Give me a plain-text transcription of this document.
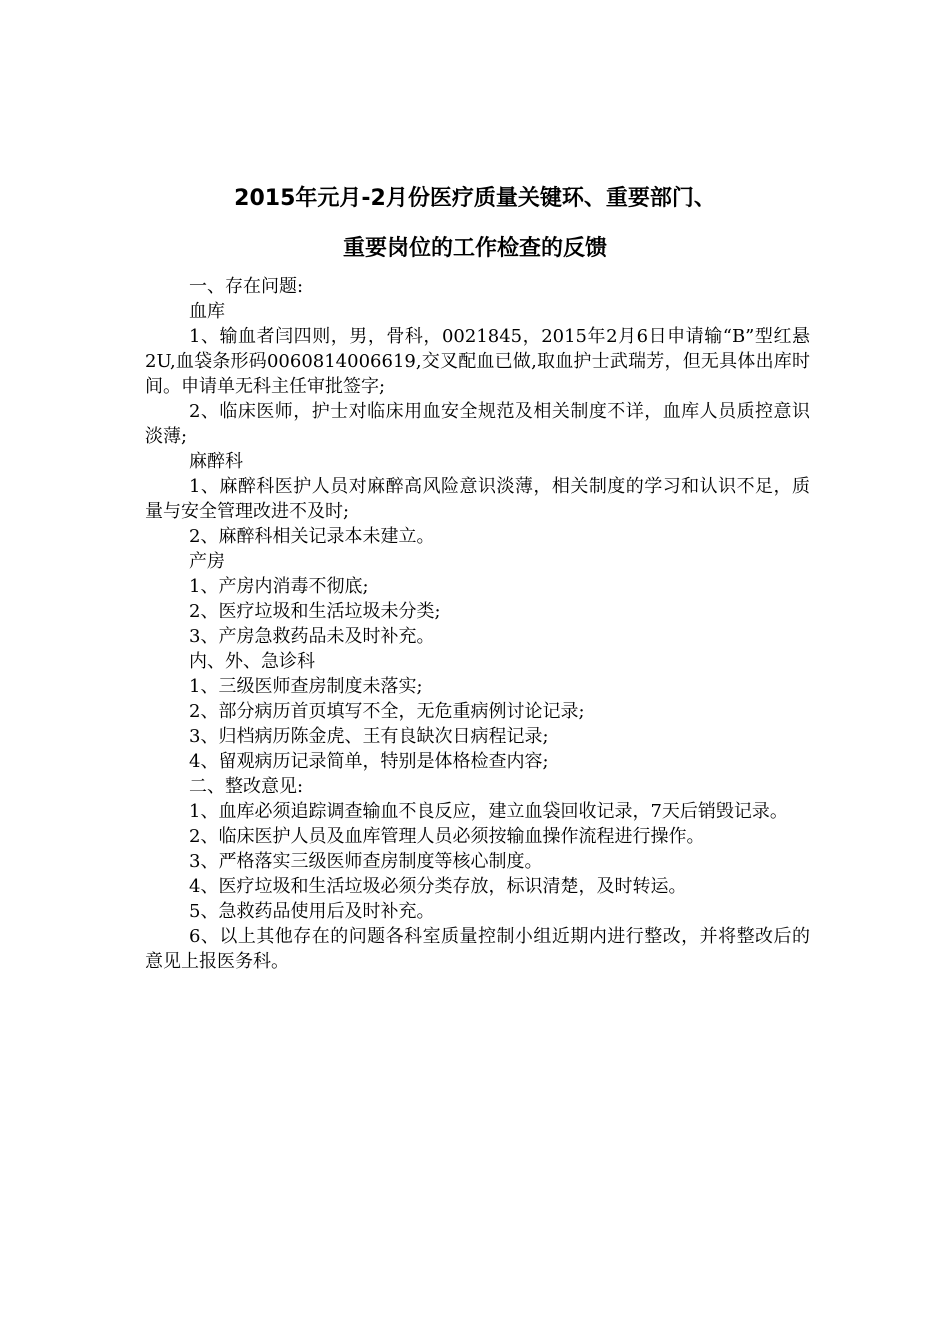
2015年元月-2月份医疗质量关键环、重要部门、
重要岗位的工作检查的反馈

一、存在问题:

血库

1、输血者闫四则，男，骨科，0021845，2015年2月6日申请输“B”型红悬 2U,血袋条形码0060814006619,交叉配血已做,取血护士武瑞芳，但无具体出库时间。申请单无科主任审批签字;

2、临床医师，护士对临床用血安全规范及相关制度不详，血库人员质控意识淡薄;

麻醉科

1、麻醉科医护人员对麻醉高风险意识淡薄，相关制度的学习和认识不足，质量与安全管理改进不及时;

2、麻醉科相关记录本未建立。

产房

1、产房内消毒不彻底;

2、医疗垃圾和生活垃圾未分类;

3、产房急救药品未及时补充。

内、外、急诊科

1、三级医师查房制度未落实;

2、部分病历首页填写不全，无危重病例讨论记录;

3、归档病历陈金虎、王有良缺次日病程记录;

4、留观病历记录简单，特别是体格检查内容;

二、整改意见:

1、血库必须追踪调查输血不良反应，建立血袋回收记录，7天后销毁记录。

2、临床医护人员及血库管理人员必须按输血操作流程进行操作。

3、严格落实三级医师查房制度等核心制度。

4、医疗垃圾和生活垃圾必须分类存放，标识清楚，及时转运。

5、急救药品使用后及时补充。

6、以上其他存在的问题各科室质量控制小组近期内进行整改，并将整改后的意见上报医务科。
